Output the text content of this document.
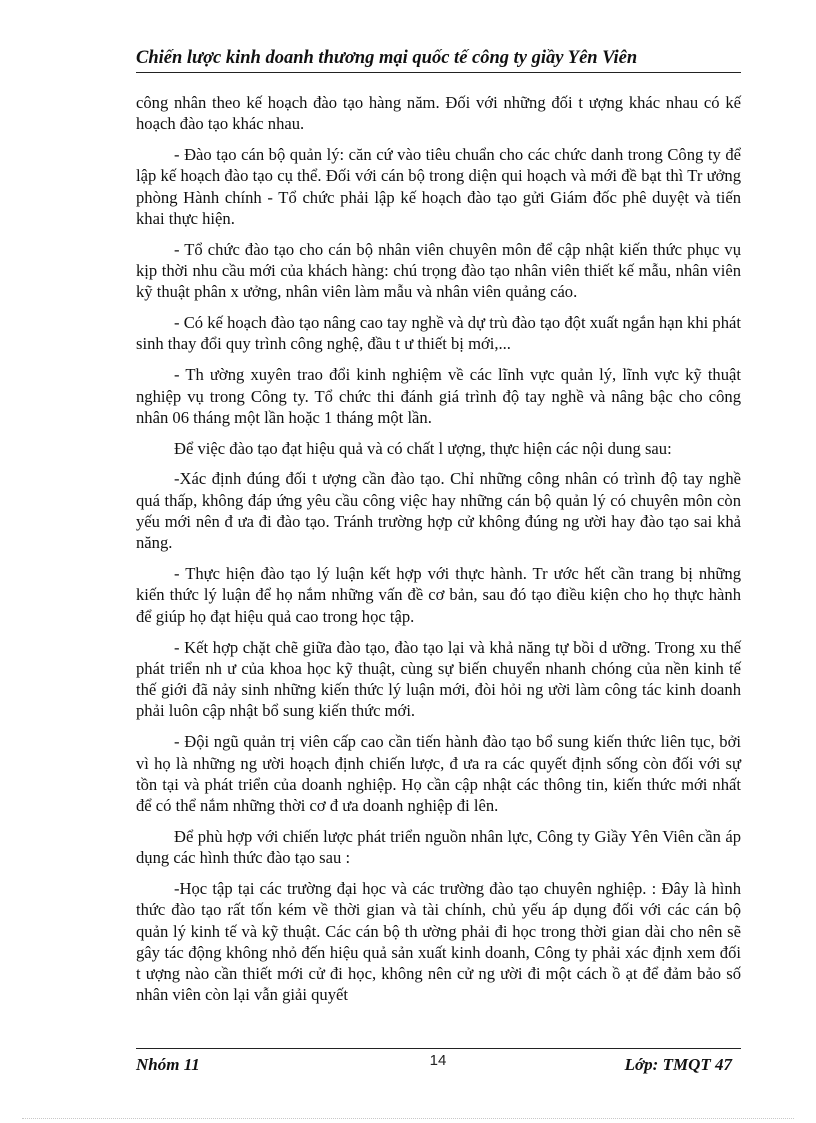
Chiến lược kinh doanh thương mại quốc tế công ty giầy Yên Viên

công nhân theo kế hoạch đào tạo hàng năm. Đối với những đối t ượng khác nhau có kế hoạch đào tạo khác nhau.

- Đào tạo cán bộ quản lý: căn cứ vào tiêu chuẩn cho các chức danh trong Công ty để lập kế hoạch đào tạo cụ thể. Đối với cán bộ trong diện qui hoạch và mới đề bạt thì Tr ưởng phòng Hành chính - Tổ chức phải lập kế hoạch đào tạo gửi Giám đốc phê duyệt và tiến khai thực hiện.

- Tổ chức đào tạo cho cán bộ nhân viên chuyên môn để cập nhật kiến thức phục vụ kịp thời nhu cầu mới của khách hàng: chú trọng đào tạo nhân viên thiết kế mẫu, nhân viên kỹ thuật phân x ưởng, nhân viên làm mẫu và nhân viên quảng cáo.

- Có kế hoạch đào tạo nâng cao tay nghề và dự trù đào tạo đột xuất ngắn hạn khi phát sinh thay đổi quy trình công nghệ, đầu t ư thiết bị mới,...

- Th ường xuyên trao đổi kinh nghiệm về các lĩnh vực quản lý, lĩnh vực kỹ thuật nghiệp vụ trong Công ty. Tổ chức thi đánh giá trình độ tay nghề và nâng bậc cho công nhân 06 tháng một lần hoặc 1 tháng một lần.

Để việc đào tạo đạt hiệu quả và có chất l ượng, thực hiện các nội dung sau:

-Xác định đúng đối t ượng cần đào tạo. Chỉ những công nhân có trình độ tay nghề quá thấp, không đáp ứng yêu cầu công việc hay những cán bộ quản lý có chuyên môn còn yếu mới nên đ ưa đi đào tạo. Tránh trường hợp cử không đúng ng ười hay đào tạo sai khả năng.

- Thực hiện đào tạo lý luận kết hợp với thực hành. Tr ước hết cần trang bị những kiến thức lý luận để họ nắm những vấn đề cơ bản, sau đó tạo điều kiện cho họ thực hành để giúp họ đạt hiệu quả cao trong học tập.

- Kết hợp chặt chẽ giữa đào tạo, đào tạo lại và khả năng tự bồi d ưỡng. Trong xu thế phát triển nh ư của khoa học kỹ thuật, cùng sự biến chuyển nhanh chóng của nền kinh tế thế giới đã nảy sinh những kiến thức lý luận mới, đòi hỏi ng ười làm công tác kinh doanh phải luôn cập nhật bổ sung kiến thức mới.

- Đội ngũ quản trị viên cấp cao cần tiến hành đào tạo bổ sung kiến thức liên tục, bởi vì họ là những ng ười hoạch định chiến lược, đ ưa ra các quyết định sống còn đối với sự tồn tại và phát triển của doanh nghiệp. Họ cần cập nhật các thông tin, kiến thức mới nhất để có thể nắm những thời cơ đ ưa doanh nghiệp đi lên.

Để phù hợp với chiến lược phát triển nguồn nhân lực, Công ty Giầy Yên Viên cần áp dụng các hình thức đào tạo sau :

-Học tập tại các trường đại học và các trường đào tạo chuyên nghiệp. : Đây là hình thức đào tạo rất tốn kém về thời gian và tài chính, chủ yếu áp dụng đối với các cán bộ quản lý kinh tế và kỹ thuật. Các cán bộ th ường phải đi học trong thời gian dài cho nên sẽ gây tác động không nhỏ đến hiệu quả sản xuất kinh doanh, Công ty phải xác định xem đối t ượng nào cần thiết mới cử đi học, không nên cử ng ười đi một cách ồ ạt để đảm bảo số nhân viên còn lại vẫn giải quyết

Nhóm 11	14	Lớp: TMQT 47
